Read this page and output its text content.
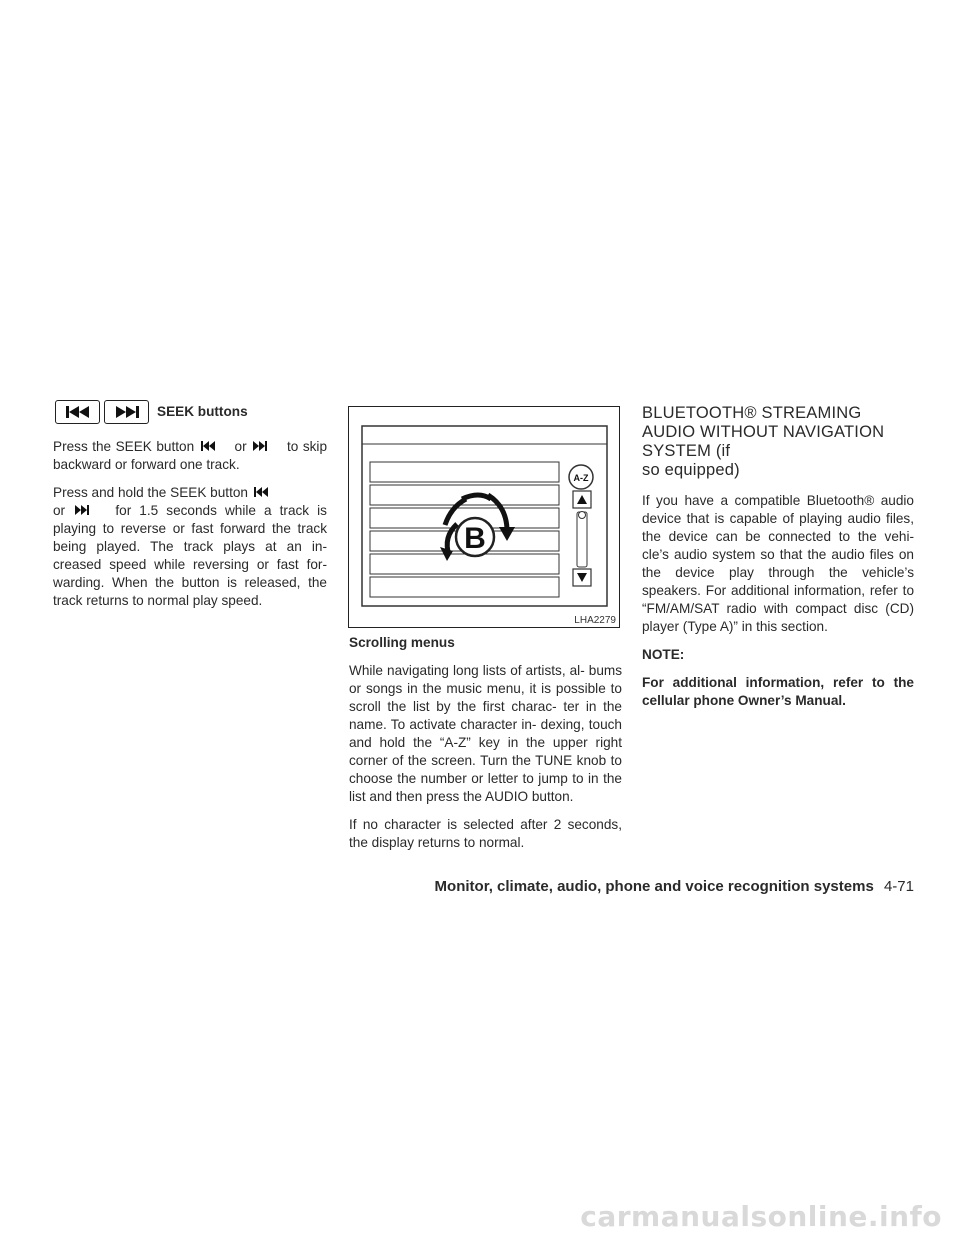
SEEK buttons

Press the SEEK button	or	to skip backward or forward one track.

Press and hold the SEEK button
or	for 1.5 seconds while a track is playing to reverse or fast forward the track being played. The track plays at an in- creased speed while reversing or fast for- warding. When the button is released, the track returns to normal play speed.

A-Z
B
LHA2279

Scrolling menus

While navigating long lists of artists, al- bums or songs in the music menu, it is possible to scroll the list by the first charac- ter in the name. To activate character in- dexing, touch and hold the “A-Z” key in the upper right corner of the screen. Turn the TUNE knob to choose the number or letter to jump to in the list and then press the AUDIO button.

If no character is selected after 2 seconds, the display returns to normal.

BLUETOOTH® STREAMING AUDIO WITHOUT NAVIGATION SYSTEM (if
so equipped)

If you have a compatible Bluetooth® audio device that is capable of playing audio files, the device can be connected to the vehi- cle’s audio system so that the audio files on the device play through the vehicle’s speakers. For additional information, refer to “FM/AM/SAT radio with compact disc (CD) player (Type A)” in this section.

NOTE:

For additional information, refer to the cellular phone Owner’s Manual.

Monitor, climate, audio, phone and voice recognition systems 4-71
carmanualsonline.info
